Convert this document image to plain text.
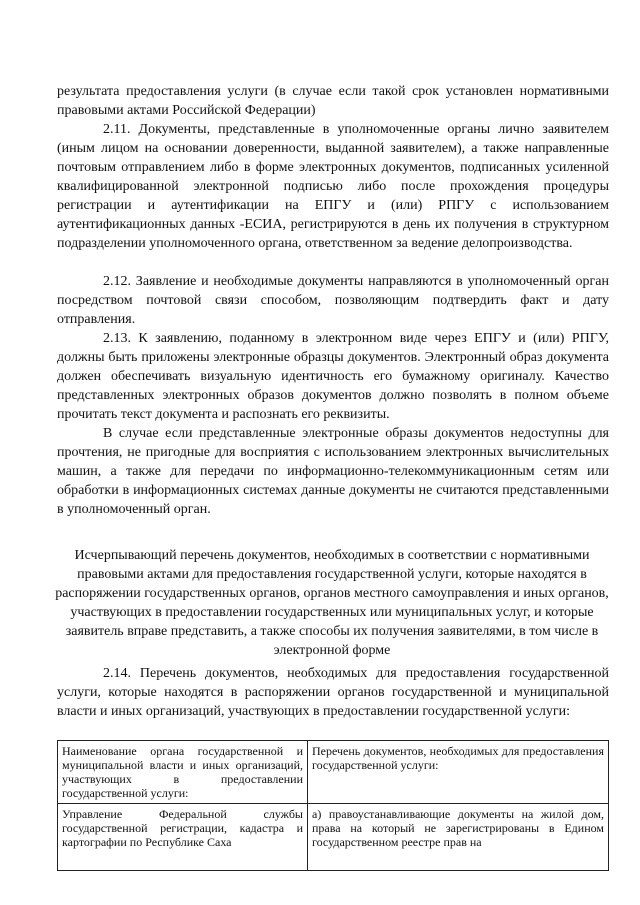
результата предоставления услуги (в случае если такой срок установлен нормативными правовыми актами Российской Федерации)

2.11. Документы, представленные в уполномоченные органы лично заявителем (иным лицом на основании доверенности, выданной заявителем), а также направленные почтовым отправлением либо в форме электронных документов, подписанных усиленной квалифицированной электронной подписью либо после прохождения процедуры регистрации и аутентификации на ЕПГУ и (или) РПГУ с использованием аутентификационных данных -ЕСИА, регистрируются в день их получения в структурном подразделении уполномоченного органа, ответственном за ведение делопроизводства.

2.12. Заявление и необходимые документы направляются в уполномоченный орган посредством почтовой связи способом, позволяющим подтвердить факт и дату отправления.

2.13. К заявлению, поданному в электронном виде через ЕПГУ и (или) РПГУ, должны быть приложены электронные образцы документов. Электронный образ документа должен обеспечивать визуальную идентичность его бумажному оригиналу. Качество представленных электронных образов документов должно позволять в полном объеме прочитать текст документа и распознать его реквизиты.

В случае если представленные электронные образы документов недоступны для прочтения, не пригодные для восприятия с использованием электронных вычислительных машин, а также для передачи по информационно-телекоммуникационным сетям или обработки в информационных системах данные документы не считаются представленными в уполномоченный орган.

Исчерпывающий перечень документов, необходимых в соответствии с нормативными правовыми актами для предоставления государственной услуги, которые находятся в распоряжении государственных органов, органов местного самоуправления и иных органов, участвующих в предоставлении государственных или муниципальных услуг, и которые заявитель вправе представить, а также способы их получения заявителями, в том числе в электронной форме

2.14. Перечень документов, необходимых для предоставления государственной услуги, которые находятся в распоряжении органов государственной и муниципальной власти и иных организаций, участвующих в предоставлении государственной услуги:

Наименование органа государственной и муниципальной власти и иных организаций, участвующих в предоставлении государственной услуги:	Перечень документов, необходимых для предоставления государственной услуги:
Управление Федеральной службы государственной регистрации, кадастра и картографии по Республике Саха	а) правоустанавливающие документы на жилой дом, права на который не зарегистрированы в Едином государственном реестре прав на
